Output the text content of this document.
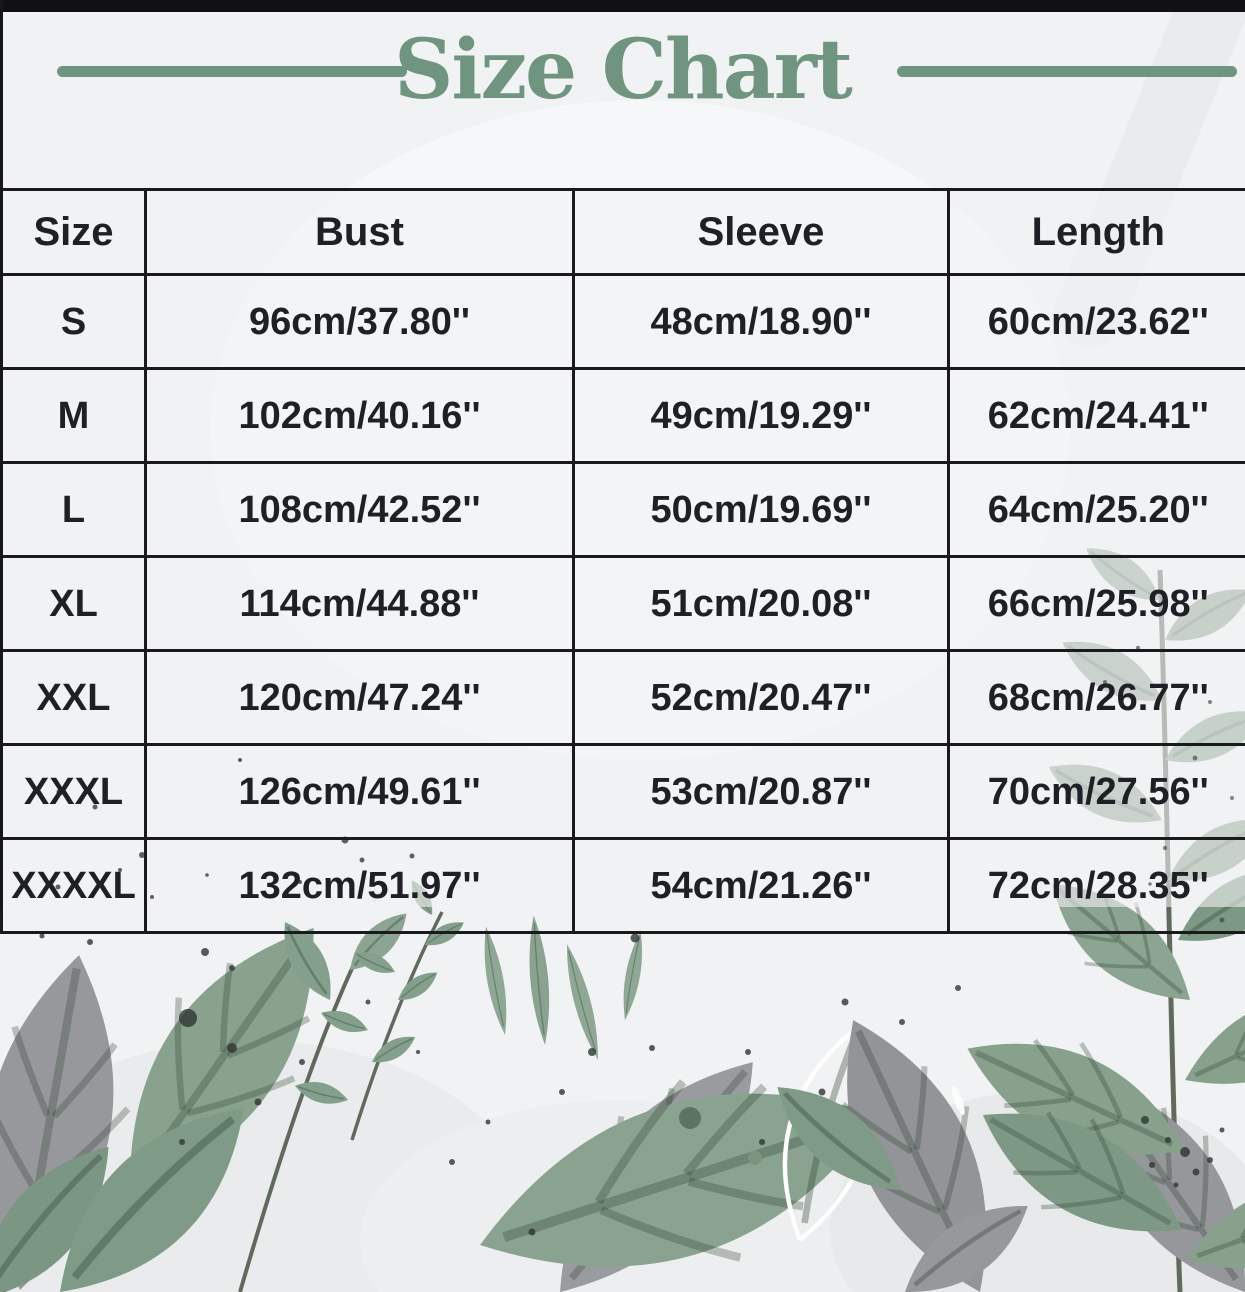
Size Chart
Size	Bust	Sleeve	Length
S	96cm/37.80''	48cm/18.90''	60cm/23.62''
M	102cm/40.16''	49cm/19.29''	62cm/24.41''
L	108cm/42.52''	50cm/19.69''	64cm/25.20''
XL	114cm/44.88''	51cm/20.08''	66cm/25.98''
XXL	120cm/47.24''	52cm/20.47''	68cm/26.77''
XXXL	126cm/49.61''	53cm/20.87''	70cm/27.56''
XXXXL	132cm/51.97''	54cm/21.26''	72cm/28.35''
